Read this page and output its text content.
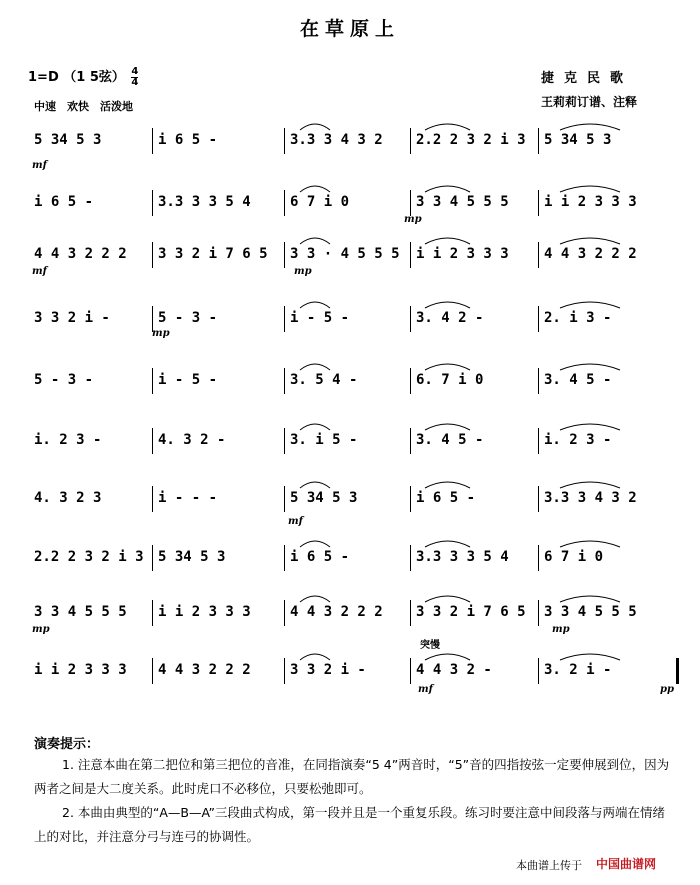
在草原上
1=D （1 5弦） $\frac{4}{4}$
中速　欢快　活泼地
捷克民歌
王莉莉订谱、注释
5 34 5 3	i 6 5 -	3.3 3 4 3 2	2.2 2 3 2 i 3	5 34 5 3
i 6 5 -	3.3 3 3 5 4	6 7 i 0	3 3 4 5 5 5	i i 2 3 3 3
4 4 3 2 2 2	3 3 2 i 7 6 5	3 3 · 4 5 5 5	i i 2 3 3 3	4 4 3 2 2 2
3 3 2 i -	5 - 3 -	i - 5 -	3. 4 2 -	2. i 3 -
5 - 3 -	i - 5 -	3. 5 4 -	6. 7 i 0	3. 4 5 -
i. 2 3 -	4. 3 2 -	3. i 5 -	3. 4 5 -	i. 2 3 -
4. 3 2 3	i - - -	5 34 5 3	i 6 5 -	3.3 3 4 3 2
2.2 2 3 2 i 3 5 34 5 3	i 6 5 -	3.3 3 3 5 4	6 7 i 0
3 3 4 5 5 5	i i 2 3 3 3	4 4 3 2 2 2	3 3 2 i 7 6 5	3 3 4 5 5 5
i i 2 3 3 3	4 4 3 2 2 2	3 3 2 i -	4 4 3 2 -	3. 2 i -
演奏提示：
1. 注意本曲在第二把位和第三把位的音准，在同指演奏“5 4”两音时，“5”音的四指按弦一定要伸展到位，因为两者之间是大二度关系。此时虎口不必移位，只要松弛即可。
2. 本曲由典型的“A—B—A”三段曲式构成，第一段并且是一个重复乐段。练习时要注意中间段落与两端在情绪上的对比，并注意分弓与连弓的协调性。
本曲谱上传于 中国曲谱网
mf
mf
mp
mp
mp
mf
mp	mp
mf	pp
突慢
